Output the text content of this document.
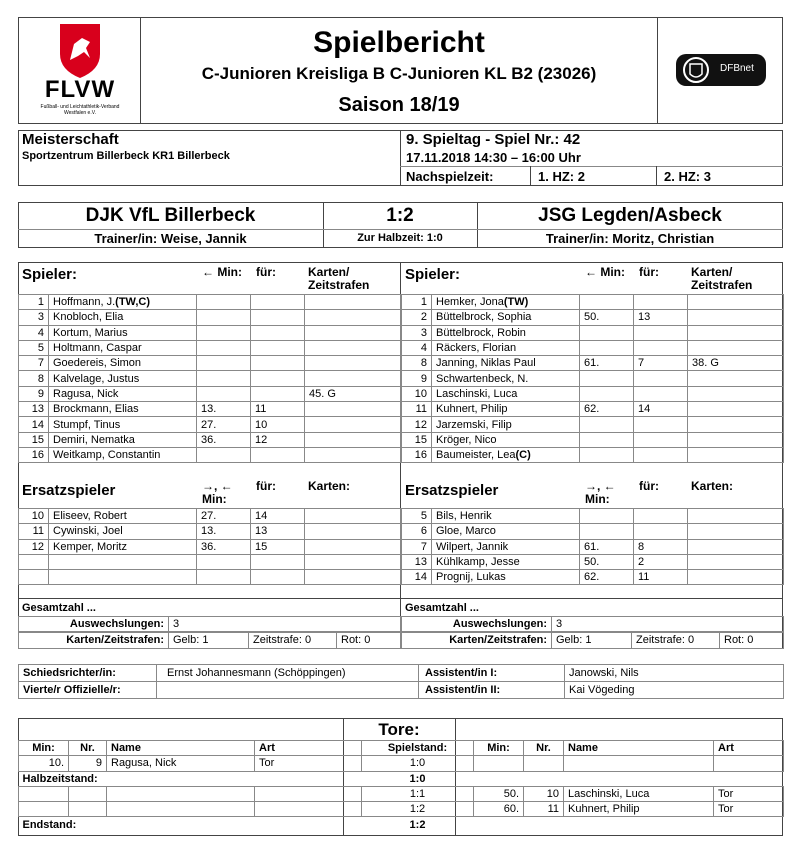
FLVW
Fußball- und Leichtathletik-Verband Westfalen e.V.
Spielbericht
C-Junioren Kreisliga B C-Junioren KL B2 (23026)
Saison 18/19
DFBnet
Meisterschaft
Sportzentrum Billerbeck KR1 Billerbeck
9. Spieltag - Spiel Nr.: 42
17.11.2018 14:30 – 16:00 Uhr
Nachspielzeit:	1. HZ: 2	2. HZ: 3
DJK VfL Billerbeck	1:2	JSG Legden/Asbeck
Trainer/in: Weise, Jannik	Zur Halbzeit: 1:0	Trainer/in: Moritz, Christian
Spieler:	← Min: für:	Karten/ Zeitstrafen
1	Hoffmann, J.(TW,C)			
3	Knobloch, Elia			
4	Kortum, Marius			
5	Holtmann, Caspar			
7	Goedereis, Simon			
8	Kalvelage, Justus			
9	Ragusa, Nick			45. G
13	Brockmann, Elias	13.	11	
14	Stumpf, Tinus	27.	10	
15	Demiri, Nematka	36.	12	
16	Weitkamp, Constantin			
Spieler:	← Min: für:	Karten/ Zeitstrafen
1	Hemker, Jona(TW)			
2	Büttelbrock, Sophia	50.	13	
3	Büttelbrock, Robin			
4	Räckers, Florian			
8	Janning, Niklas Paul	61.	7	38. G
9	Schwartenbeck, N.			
10	Laschinski, Luca			
11	Kuhnert, Philip	62.	14	
12	Jarzemski, Filip			
15	Kröger, Nico			
16	Baumeister, Lea(C)			
Ersatzspieler	→, ← Min:
für:	Karten:
10	Eliseev, Robert	27.	14	
11	Cywinski, Joel	13.	13	
12	Kemper, Moritz	36.	15	

Ersatzspieler	→, ← Min:
für:	Karten:
5	Bils, Henrik			
6	Gloe, Marco			
7	Wilpert, Jannik	61.	8	
13	Kühlkamp, Jesse	50.	2	
14	Prognij, Lukas	62.	11	
Gesamtzahl ...
Auswechslungen:	3
Karten/Zeitstrafen:	Gelb: 1	Zeitstrafe: 0	Rot: 0
Gesamtzahl ...
Auswechslungen:	3
Karten/Zeitstrafen:	Gelb: 1	Zeitstrafe: 0	Rot: 0
Schiedsrichter/in:	Ernst Johannesmann (Schöppingen)	Assistent/in I:	Janowski, Nils
Vierte/r Offizielle/r:		Assistent/in II:	Kai Vögeding
Tore:
Min:	Nr.	Name	Art	Spielstand:	Min:	Nr.	Name	Art
10.	9	Ragusa, Nick	Tor	1:0				
Halbzeitstand:				1:0				
				1:1	50.	10	Laschinski, Luca	Tor
				1:2	60.	11	Kuhnert, Philip	Tor
Endstand:				1:2				
